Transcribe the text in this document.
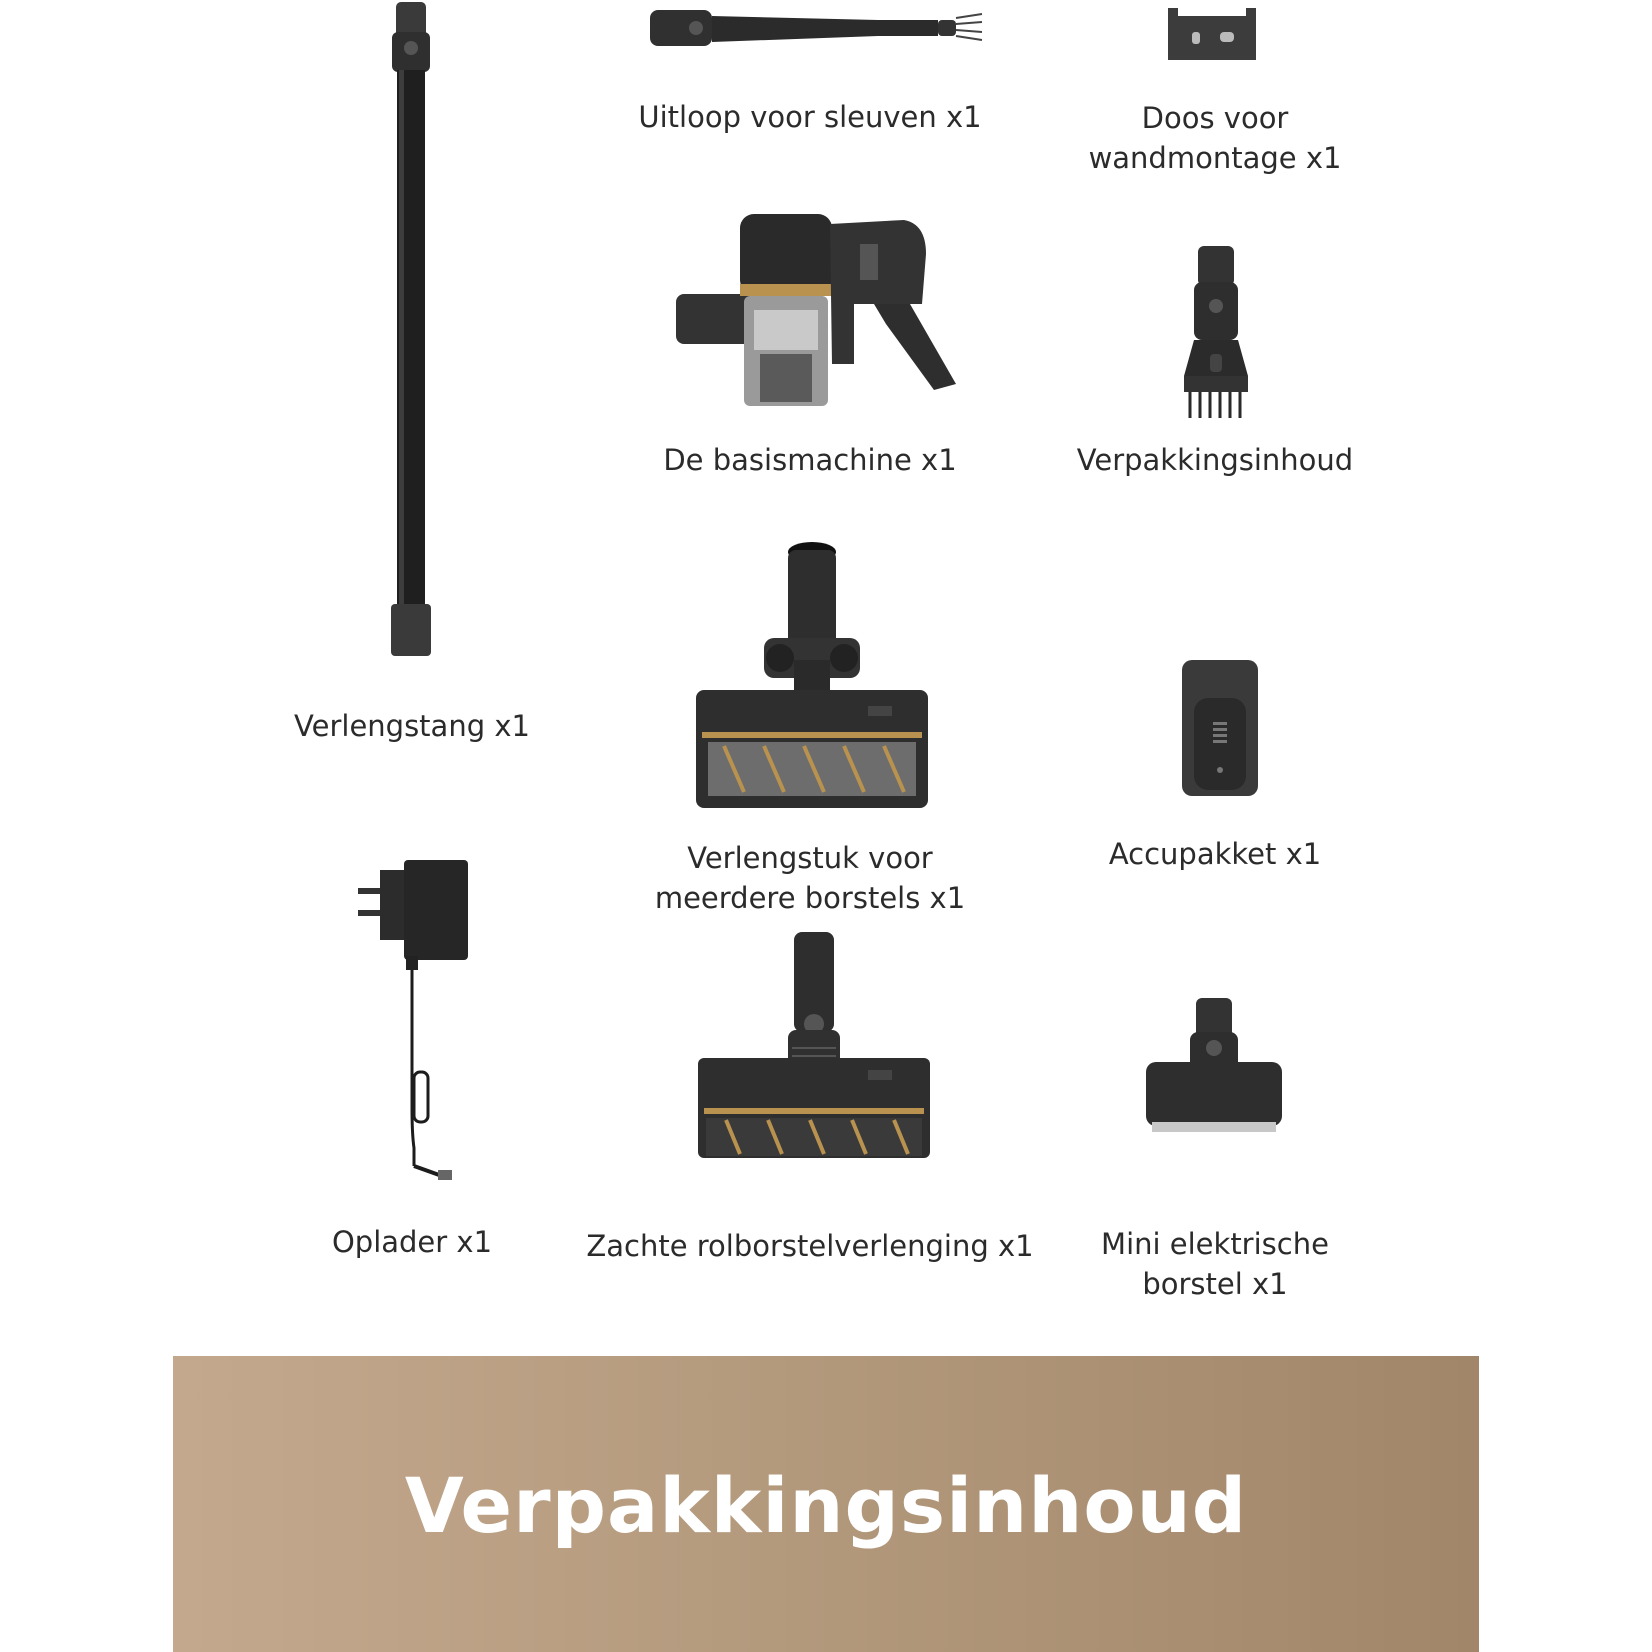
Verlengstang x1
Uitloop voor sleuven x1	Doos voor
wandmontage x1
De basismachine x1	Verpakkingsinhoud
Verlengstuk voor
meerdere borstels x1
Accupakket x1
Oplader x1	Zachte rolborstelverlenging x1	Mini elektrische
borstel x1
Verpakkingsinhoud
